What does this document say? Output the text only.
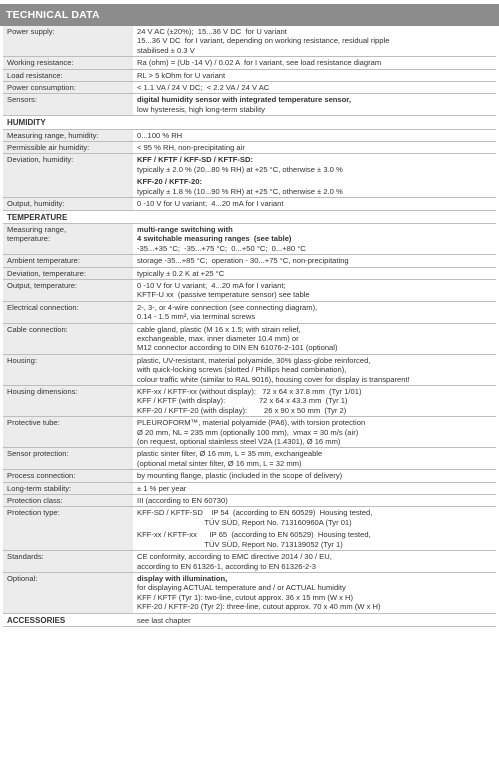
TECHNICAL DATA
Power supply:	24 V AC (±20%);  15...36 V DC  for U variant
15...36 V DC  for I variant, depending on working resistance, residual ripple
stabilised ± 0.3 V

Working resistance:	Ra (ohm) = (Ub -14 V) / 0.02 A  for I variant, see load resistance diagram

Load resistance:	RL > 5 kOhm for U variant

Power consumption:	< 1.1 VA / 24 V DC;  < 2.2 VA / 24 V AC

Sensors:	digital humidity sensor with integrated temperature sensor,
low hysteresis, high long-term stability

HUMIDITY	

Measuring range, humidity:	0...100 % RH

Permissible air humidity:	< 95 % RH, non-precipitating air

Deviation, humidity:	KFF / KFTF / KFF-SD / KFTF-SD:
typically ± 2.0 % (20...80 % RH) at +25 °C, otherwise ± 3.0 %
KFF-20 / KFTF-20:
typically ± 1.8 % (10...90 % RH) at +25 °C, otherwise ± 2.0 %

Output, humidity:	0 -10 V for U variant;  4...20 mA for I variant

TEMPERATURE	

Measuring range,
temperature:	multi-range switching with
4 switchable measuring ranges  (see table)
-35...+35 °C;  -35...+75 °C;  0...+50 °C;  0...+80 °C

Ambient temperature:	storage -35...+85 °C;  operation - 30...+75 °C, non-precipitating

Deviation, temperature:	typically ± 0.2 K at +25 °C

Output, temperature:	0 -10 V for U variant;  4...20 mA for I variant;
KFTF-U xx  (passive temperature sensor) see table

Electrical connection:	2-, 3-, or 4-wire connection (see connecting diagram),
0.14 - 1.5 mm², via terminal screws

Cable connection:	cable gland, plastic (M 16 x 1.5; with strain relief,
exchangeable, max. inner diameter 10.4 mm) or
M12 connector according to DIN EN 61076-2-101 (optional)

Housing:	plastic, UV-resistant, material polyamide, 30% glass-globe reinforced,
with quick-locking screws (slotted / Phillips head combination),
colour traffic white (similar to RAL 9016), housing cover for display is transparent!

Housing dimensions:	KFF-xx / KFTF-xx (without display):   72 x 64 x 37.8 mm  (Tyr 1/01)
KFF / KFTF (with display):                72 x 64 x 43.3 mm  (Tyr 1)
KFF-20 / KFTF-20 (with display):        26 x 90 x 50 mm  (Tyr 2)

Protective tube:	PLEUROFORM™, material polyamide (PA6), with torsion protection
Ø 20 mm, NL = 235 mm (optionally 100 mm),  vmax = 30 m/s (air)
(on request, optional stainless steel V2A (1.4301), Ø 16 mm)

Sensor protection:	plastic sinter filter, Ø 16 mm, L = 35 mm, exchangeable
(optional metal sinter filter, Ø 16 mm, L = 32 mm)

Process connection:	by mounting flange, plastic (included in the scope of delivery)

Long-term stability:	± 1 % per year

Protection class:	III (according to EN 60730)

Protection type:	KFF-SD / KFTF-SD    IP 54  (according to EN 60529)  Housing tested,
TÜV SÜD, Report No. 713160960A (Tyr 01)
KFF-xx / KFTF-xx      IP 65  (according to EN 60529)  Housing tested,
TÜV SÜD, Report No. 713139052 (Tyr 1)

Standards:	CE conformity, according to EMC directive 2014 / 30 / EU,
according to EN 61326-1, according to EN 61326-2-3

Optional:	display with illumination,
for displaying ACTUAL temperature and / or ACTUAL humidity
KFF / KFTF (Tyr 1): two-line, cutout approx. 36 x 15 mm (W x H)
KFF-20 / KFTF-20 (Tyr 2): three-line, cutout approx. 70 x 40 mm (W x H)

ACCESSORIES	see last chapter
